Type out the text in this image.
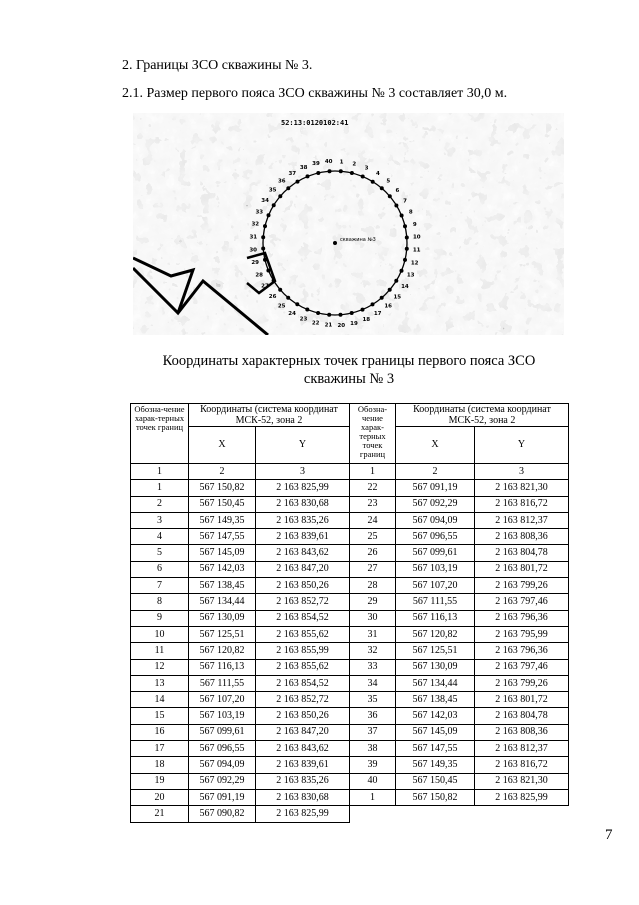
2. Границы ЗСО скважины № 3.
2.1. Размер первого пояса ЗСО скважины № 3 составляет 30,0 м.
52:13:0120102:41
скважина №3
1 2
3
4
5
6
7
8
9
10
11
12
13
14
15
16
17
18
19
20
21
22
23
24
25
26
27
28
29
30
31
32
33
34
35
36
37
38
39 40
Координаты характерных точек границы первого пояса ЗСО
скважины № 3
Обозна-чение харак-терных точек границ	Координаты (система координат МСК-52, зона 2		Обозна-чение харак-терных точек границ	Координаты (система координат МСК-52, зона 2	
	X	Y		X	Y
1	2	3	1	2	3
1	567 150,82	2 163 825,99	22	567 091,19	2 163 821,30
2	567 150,45	2 163 830,68	23	567 092,29	2 163 816,72
3	567 149,35	2 163 835,26	24	567 094,09	2 163 812,37
4	567 147,55	2 163 839,61	25	567 096,55	2 163 808,36
5	567 145,09	2 163 843,62	26	567 099,61	2 163 804,78
6	567 142,03	2 163 847,20	27	567 103,19	2 163 801,72
7	567 138,45	2 163 850,26	28	567 107,20	2 163 799,26
8	567 134,44	2 163 852,72	29	567 111,55	2 163 797,46
9	567 130,09	2 163 854,52	30	567 116,13	2 163 796,36
10	567 125,51	2 163 855,62	31	567 120,82	2 163 795,99
11	567 120,82	2 163 855,99	32	567 125,51	2 163 796,36
12	567 116,13	2 163 855,62	33	567 130,09	2 163 797,46
13	567 111,55	2 163 854,52	34	567 134,44	2 163 799,26
14	567 107,20	2 163 852,72	35	567 138,45	2 163 801,72
15	567 103,19	2 163 850,26	36	567 142,03	2 163 804,78
16	567 099,61	2 163 847,20	37	567 145,09	2 163 808,36
17	567 096,55	2 163 843,62	38	567 147,55	2 163 812,37
18	567 094,09	2 163 839,61	39	567 149,35	2 163 816,72
19	567 092,29	2 163 835,26	40	567 150,45	2 163 821,30
20	567 091,19	2 163 830,68	1	567 150,82	2 163 825,99
21	567 090,82	2 163 825,99			
7
